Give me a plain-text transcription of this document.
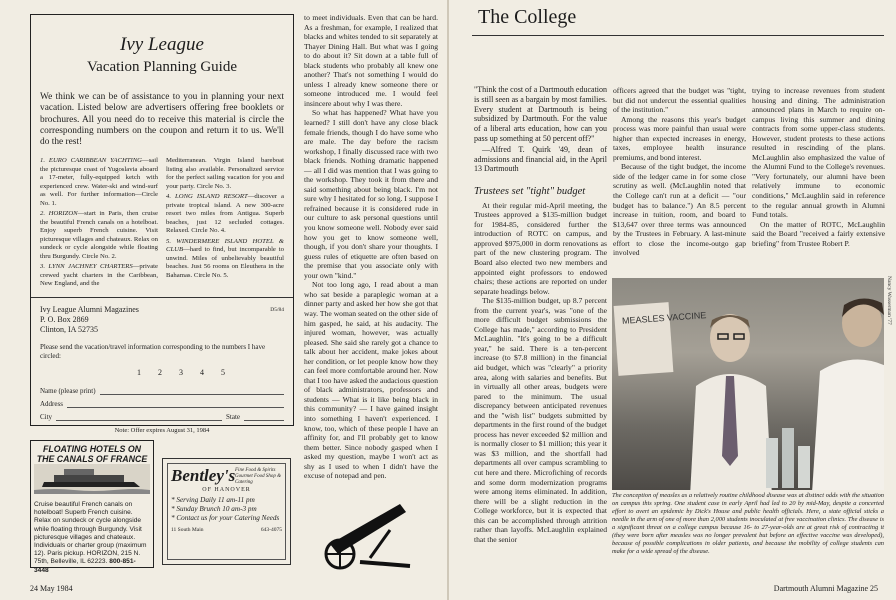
Ivy League
Vacation Planning Guide
We think we can be of assistance to you in planning your next vacation. Listed below are advertisers offering free booklets or brochures. All you need do to receive this material is circle the corresponding numbers on the coupon and return it to us. We'll do the rest!

1. EURO CARIBBEAN YACHTING—sail the picturesque coast of Yugoslavia aboard a 17-meter, fully-equipped ketch with experienced crew. Water-ski and wind-surf as well. For further information—Circle No. 1.

2. HORIZON—start in Paris, then cruise the beautiful French canals on a hotelboat. Enjoy superb French cuisine. Visit picturesque villages and chateaux. Relax on sundeck or cycle alongside while floating thru Burgundy. Circle No. 2.

3. LYNN JACHNEY CHARTERS—private crewed yacht charters in the Caribbean, New England, and the

Mediterranean. Virgin Island bareboat listing also available. Personalized service for the perfect sailing vacation for you and your party. Circle No. 3.

4. LONG ISLAND RESORT—discover a private tropical island. A new 300-acre resort two miles from Antigua. Superb beaches, just 12 secluded cottages. Relaxed. Circle No. 4.

5. WINDERMERE ISLAND HOTEL & CLUB—hard to find, but incomparable to unwind. Miles of unbelievably beautiful beaches. Just 56 rooms on Eleuthera in the Bahamas. Circle No. 5.

Ivy League Alumni Magazines
P. O. Box 2869
Clinton, IA 52735
D5/84
Please send the vacation/travel information corresponding to the numbers I have circled:
1 2 3 4 5
Name (please print)
Address
City	State
Note: Offer expires August 31, 1984
FLOATING HOTELS ON
THE CANALS OF FRANCE
Cruise beautiful French canals on hotelboat! Superb French cuisine. Relax on sundeck or cycle alongside while floating through Burgundy. Visit picturesque villages and chateaux. Individuals or charter group (maximum 12). Paris pickup. HORIZON, 215 N. 75th, Belleville, IL 62223. 800-851-3448
Bentley's Fine Food & Spirits Gourmet Food Shop & Catering
OF HANOVER
* Serving Daily 11 am-11 pm
* Sunday Brunch 10 am-3 pm
* Contact us for your Catering Needs
11 South Main	643-4075

to meet individuals. Even that can be hard. As a freshman, for example, I realized that blacks and whites tended to sit separately at Thayer Dining Hall. But what was I going to do about it? Sit down at a table full of black students who probably all knew one another? That's not something I would do unless I already knew someone there or someone introduced me. I would feel insincere about why I was there.

So what has happened? What have you learned? I still don't have any close black female friends, though I do have some who are male. The day before the racism workshop, I finally discussed race with two black friends. Nothing dramatic happened — all I did was mention that I was going to the workshop. They took it from there and said something about being black. I'm not sure why I hesitated for so long. I suppose I refrained because it is considered rude in our culture to ask personal questions until you know someone well. Nobody ever said how you get to know someone well, though, if you don't share your thoughts. I guess rules of etiquette are often based on the premise that you associate only with your own "kind."

Not too long ago, I read about a man who sat beside a paraplegic woman at a dinner party and asked her how she got that way. The woman seated on the other side of him gasped, he said, at his audacity. The injured woman, however, was actually pleased. She said she rarely got a chance to talk about her accident, make jokes about her condition, or let people know how they can feel more comfortable around her. Now that I too have asked the audacious question of black administrators, professors and students — What is it like being black in this community? — I have gained insight into something I haven't experienced. I know, too, which of these people I have an affinity for, and I'll probably get to know them better. Since nobody gasped when I asked my question, maybe I won't act as shy as I used to when I didn't have the excuse of notepad and pen.

24 May 1984	Dartmouth Alumni Magazine 25
The College

"Think the cost of a Dartmouth education is still seen as a bargain by most families. Every student at Dartmouth is being subsidized by Dartmouth. For the value of a liberal arts education, how can you pass up something at 50 percent off?"

—Alfred T. Quirk '49, dean of admissions and financial aid, in the April 13 Dartmouth

Trustees set "tight" budget

At their regular mid-April meeting, the Trustees approved a $135-million budget for 1984-85, considered further the introduction of ROTC on campus, and approved $975,000 in dorm renovations as part of the new clustering program. The Board also elected two new members and appointed eight professors to endowed chairs; these actions are reported on under separate headings below.

The $135-million budget, up 8.7 percent from the current year's, was "one of the more difficult budget submissions the College has made," according to President McLaughlin. "It's going to be a difficult year," he said. There is a ten-percent increase (to $7.8 million) in the financial aid budget, which was "clearly" a priority area, along with salaries and benefits. But in virtually all other areas, budgets were pared to the minimum. The usual discrepancy between anticipated revenues and the "wish list" budgets submitted by departments in the first round of the budget process has never exceeded $2 million and is normally closer to $1 million; this year it was $3 million, and the shortfall had departments all over campus scrambling to cut here and there. Microfiching of records and some dorm modernization programs were among items eliminated. In addition, there will be a slight reduction in the College workforce, but it is expected that this can be accomplished through attrition rather than layoffs. McLaughlin explained that the senior

officers agreed that the budget was "tight, but did not undercut the essential qualities of the institution."

Among the reasons this year's budget process was more painful than usual were higher than expected increases in energy, taxes, employee health insurance premiums, and bond interest.

Because of the tight budget, the income side of the ledger came in for some close scrutiny as well. (McLaughlin noted that the College can't run at a deficit — "our budget has to balance.") An 8.5 percent increase in tuition, room, and board to $13,647 over three terms was announced by the Trustees in February. A last-minute effort to close the income-outgo gap involved

trying to increase revenues from student housing and dining. The administration announced plans in March to require on-campus living this summer and dining contracts from some upper-class students. However, student protests to these actions resulted in rescinding of the plans. McLaughlin also emphasized the value of the Alumni Fund to the College's revenues. "Very fortunately, our alumni have been relatively immune to economic conditions," McLaughlin said in reference to the regular annual growth in Alumni Fund totals.

On the matter of ROTC, McLaughlin said the Board "received a fairly extensive briefing" from Trustee Robert P.

MEASLES VACCINE	Nancy Wasserman '77
The conception of measles as a relatively routine childhood disease was at distinct odds with the situation on campus this spring. One student case in early April had led to 20 by mid-May, despite a concerted effort to avert an epidemic by Dick's House and public health officials. Here, a state official sticks a needle in the arm of one of more than 2,000 students inoculated at free vaccination clinics. The disease is a significant threat on a college campus because 16- to 27-year-olds are at great risk of contracting it (they were born after measles was no longer prevalent but before an effective vaccine was developed), because of possible complications in older patients, and because the mobility of college students can make for a wide spread of the disease.
